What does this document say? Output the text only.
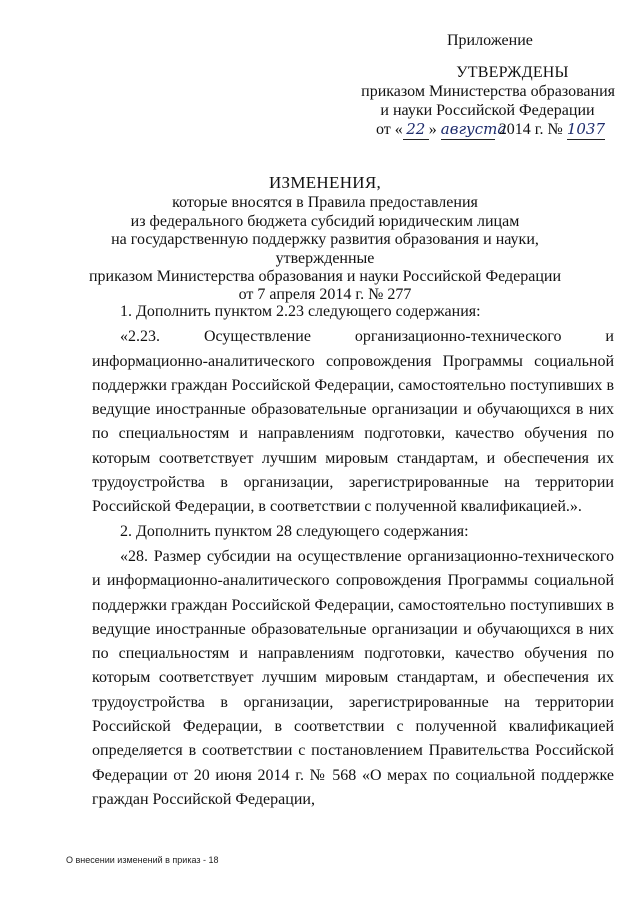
Приложение
УТВЕРЖДЕНЫ
приказом Министерства образования
и науки Российской Федерации
от « 22 » августа 2014 г. № 1037
ИЗМЕНЕНИЯ,
которые вносятся в Правила предоставления
из федерального бюджета субсидий юридическим лицам
на государственную поддержку развития образования и науки, утвержденные
приказом Министерства образования и науки Российской Федерации
от 7 апреля 2014 г. № 277

1. Дополнить пунктом 2.23 следующего содержания:

«2.23. Осуществление организационно-технического и информационно-аналитического сопровождения Программы социальной поддержки граждан Российской Федерации, самостоятельно поступивших в ведущие иностранные образовательные организации и обучающихся в них по специальностям и направлениям подготовки, качество обучения по которым соответствует лучшим мировым стандартам, и обеспечения их трудоустройства в организации, зарегистрированные на территории Российской Федерации, в соответствии с полученной квалификацией.».

2. Дополнить пунктом 28 следующего содержания:

«28. Размер субсидии на осуществление организационно-технического и информационно-аналитического сопровождения Программы социальной поддержки граждан Российской Федерации, самостоятельно поступивших в ведущие иностранные образовательные организации и обучающихся в них по специальностям и направлениям подготовки, качество обучения по которым соответствует лучшим мировым стандартам, и обеспечения их трудоустройства в организации, зарегистрированные на территории Российской Федерации, в соответствии с полученной квалификацией определяется в соответствии с постановлением Правительства Российской Федерации от 20 июня 2014 г. № 568 «О мерах по социальной поддержке граждан Российской Федерации,

О внесении изменений в приказ - 18
